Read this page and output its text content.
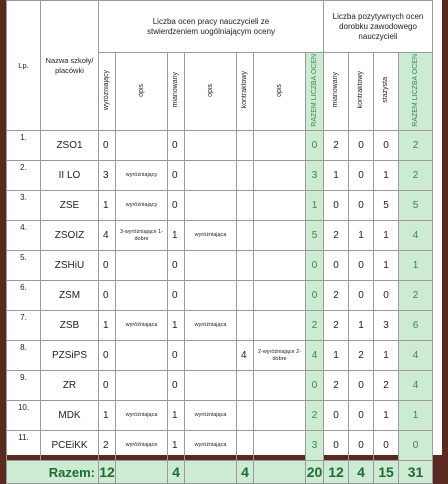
Lp.	Nazwa szkoły/ placówki	Liczba ocen pracy nauczycieli ze stwierdzeniem uogólniającym oceny							Liczba pozytywnych ocen dorobku zawodowego nauczycieli			
		wyróżniający	opis	mianowany	opis	kontraktowy	opis	RAZEM LICZBA OCEN	mianowany	kontraktowy	stażysta	RAZEM LICZBA OCEN
1.	ZSO1	0		0				0	2	0	0	2
2.	II LO	3	wyróżniający	0				3	1	0	1	2
3.	ZSE	1	wyróżniający	0				1	0	0	5	5
4.	ZSOIZ	4	3-wyróżniające 1-dobre	1	wyróżniająca			5	2	1	1	4
5.	ZSHiU	0		0				0	0	0	1	1
6.	ZSM	0		0				0	2	0	0	2
7.	ZSB	1	wyróżniająca	1	wyróżniająca			2	2	1	3	6
8.	PZSiPS	0		0		4	2-wyróżniające 2-dobre	4	1	2	1	4
9.	ZR	0		0				0	2	0	2	4
10.	MDK	1	wyróżniająca	1	wyróżniająca			2	0	0	1	1
11.	PCEiKK	2	wyróżniające	1	wyróżniająca			3	0	0	0	0
Razem:		12		4		4		20	12	4	15	31
